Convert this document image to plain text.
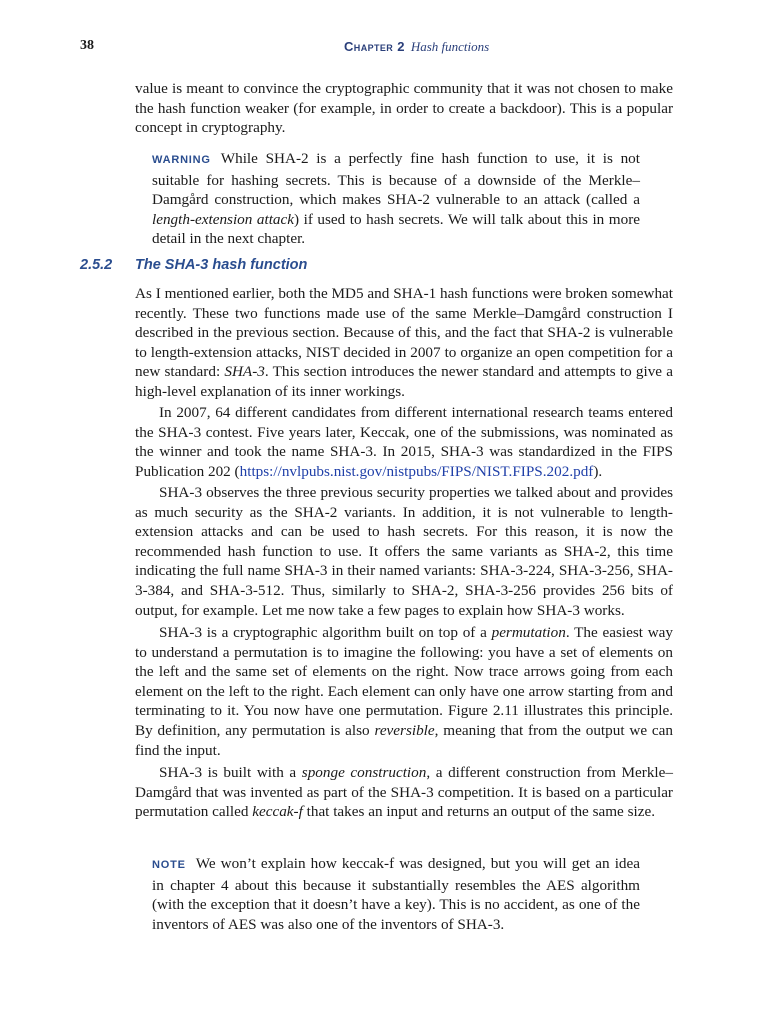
38	Chapter 2 Hash functions

value is meant to convince the cryptographic community that it was not chosen to make the hash function weaker (for example, in order to create a backdoor). This is a popular concept in cryptography.

WARNING While SHA-2 is a perfectly fine hash function to use, it is not suitable for hashing secrets. This is because of a downside of the Merkle–Damgård construction, which makes SHA-2 vulnerable to an attack (called a length-extension attack) if used to hash secrets. We will talk about this in more detail in the next chapter.

2.5.2 The SHA-3 hash function

As I mentioned earlier, both the MD5 and SHA-1 hash functions were broken somewhat recently. These two functions made use of the same Merkle–Damgård construction I described in the previous section. Because of this, and the fact that SHA-2 is vulnerable to length-extension attacks, NIST decided in 2007 to organize an open competition for a new standard: SHA-3. This section introduces the newer standard and attempts to give a high-level explanation of its inner workings.

In 2007, 64 different candidates from different international research teams entered the SHA-3 contest. Five years later, Keccak, one of the submissions, was nominated as the winner and took the name SHA-3. In 2015, SHA-3 was standardized in the FIPS Publication 202 (https://nvlpubs.nist.gov/nistpubs/FIPS/NIST.FIPS.202.pdf).

SHA-3 observes the three previous security properties we talked about and provides as much security as the SHA-2 variants. In addition, it is not vulnerable to length-extension attacks and can be used to hash secrets. For this reason, it is now the recommended hash function to use. It offers the same variants as SHA-2, this time indicating the full name SHA-3 in their named variants: SHA-3-224, SHA-3-256, SHA-3-384, and SHA-3-512. Thus, similarly to SHA-2, SHA-3-256 provides 256 bits of output, for example. Let me now take a few pages to explain how SHA-3 works.

SHA-3 is a cryptographic algorithm built on top of a permutation. The easiest way to understand a permutation is to imagine the following: you have a set of elements on the left and the same set of elements on the right. Now trace arrows going from each element on the left to the right. Each element can only have one arrow starting from and terminating to it. You now have one permutation. Figure 2.11 illustrates this principle. By definition, any permutation is also reversible, meaning that from the output we can find the input.

SHA-3 is built with a sponge construction, a different construction from Merkle–Damgård that was invented as part of the SHA-3 competition. It is based on a particular permutation called keccak-f that takes an input and returns an output of the same size.

NOTE We won’t explain how keccak-f was designed, but you will get an idea in chapter 4 about this because it substantially resembles the AES algorithm (with the exception that it doesn’t have a key). This is no accident, as one of the inventors of AES was also one of the inventors of SHA-3.
